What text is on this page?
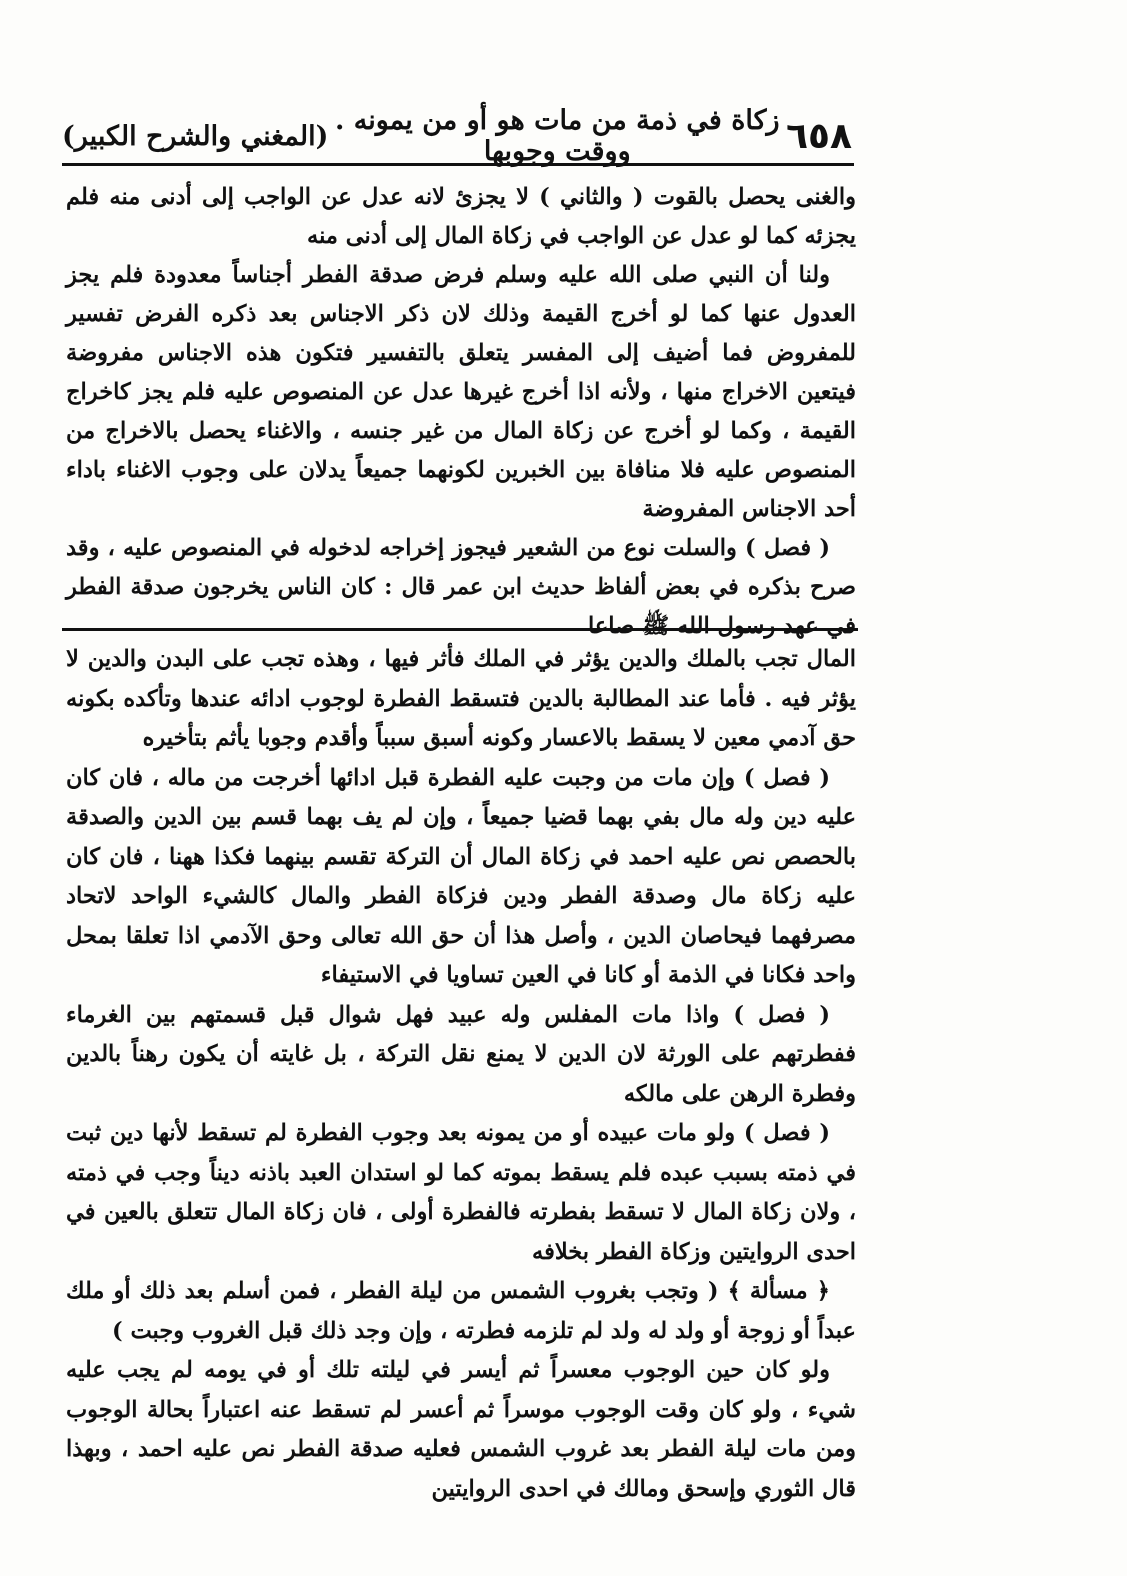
٦٥٨
زكاة في ذمة من مات هو أو من يمونه . ووقت وجوبها
(المغني والشرح الكبير)

والغنى يحصل بالقوت ( والثاني ) لا يجزئ لانه عدل عن الواجب إلى أدنى منه فلم يجزئه كما لو عدل عن الواجب في زكاة المال إلى أدنى منه

ولنا أن النبي صلى الله عليه وسلم فرض صدقة الفطر أجناساً معدودة فلم يجز العدول عنها كما لو أخرج القيمة وذلك لان ذكر الاجناس بعد ذكره الفرض تفسير للمفروض فما أضيف إلى المفسر يتعلق بالتفسير فتكون هذه الاجناس مفروضة فيتعين الاخراج منها ، ولأنه اذا أخرج غيرها عدل عن المنصوص عليه فلم يجز كاخراج القيمة ، وكما لو أخرج عن زكاة المال من غير جنسه ، والاغناء يحصل بالاخراج من المنصوص عليه فلا منافاة بين الخبرين لكونهما جميعاً يدلان على وجوب الاغناء باداء أحد الاجناس المفروضة

( فصل ) والسلت نوع من الشعير فيجوز إخراجه لدخوله في المنصوص عليه ، وقد صرح بذكره في بعض ألفاظ حديث ابن عمر قال : كان الناس يخرجون صدقة الفطر في عهد رسول الله ﷺ صاعا

المال تجب بالملك والدين يؤثر في الملك فأثر فيها ، وهذه تجب على البدن والدين لا يؤثر فيه . فأما عند المطالبة بالدين فتسقط الفطرة لوجوب ادائه عندها وتأكده بكونه حق آدمي معين لا يسقط بالاعسار وكونه أسبق سبباً وأقدم وجوبا يأثم بتأخيره

( فصل ) وإن مات من وجبت عليه الفطرة قبل ادائها أخرجت من ماله ، فان كان عليه دين وله مال بفي بهما قضيا جميعاً ، وإن لم يف بهما قسم بين الدين والصدقة بالحصص نص عليه احمد في زكاة المال أن التركة تقسم بينهما فكذا ههنا ، فان كان عليه زكاة مال وصدقة الفطر ودين فزكاة الفطر والمال كالشيء الواحد لاتحاد مصرفهما فيحاصان الدين ، وأصل هذا أن حق الله تعالى وحق الآدمي اذا تعلقا بمحل واحد فكانا في الذمة أو كانا في العين تساويا في الاستيفاء

( فصل ) واذا مات المفلس وله عبيد فهل شوال قبل قسمتهم بين الغرماء ففطرتهم على الورثة لان الدين لا يمنع نقل التركة ، بل غايته أن يكون رهناً بالدين وفطرة الرهن على مالكه

( فصل ) ولو مات عبيده أو من يمونه بعد وجوب الفطرة لم تسقط لأنها دين ثبت في ذمته بسبب عبده فلم يسقط بموته كما لو استدان العبد باذنه ديناً وجب في ذمته ، ولان زكاة المال لا تسقط بفطرته فالفطرة أولى ، فان زكاة المال تتعلق بالعين في احدى الروايتين وزكاة الفطر بخلافه

﴿ مسألة ﴾ ( وتجب بغروب الشمس من ليلة الفطر ، فمن أسلم بعد ذلك أو ملك عبداً أو زوجة أو ولد له ولد لم تلزمه فطرته ، وإن وجد ذلك قبل الغروب وجبت )

ولو كان حين الوجوب معسراً ثم أيسر في ليلته تلك أو في يومه لم يجب عليه شيء ، ولو كان وقت الوجوب موسراً ثم أعسر لم تسقط عنه اعتباراً بحالة الوجوب ومن مات ليلة الفطر بعد غروب الشمس فعليه صدقة الفطر نص عليه احمد ، وبهذا قال الثوري وإسحق ومالك في احدى الروايتين
